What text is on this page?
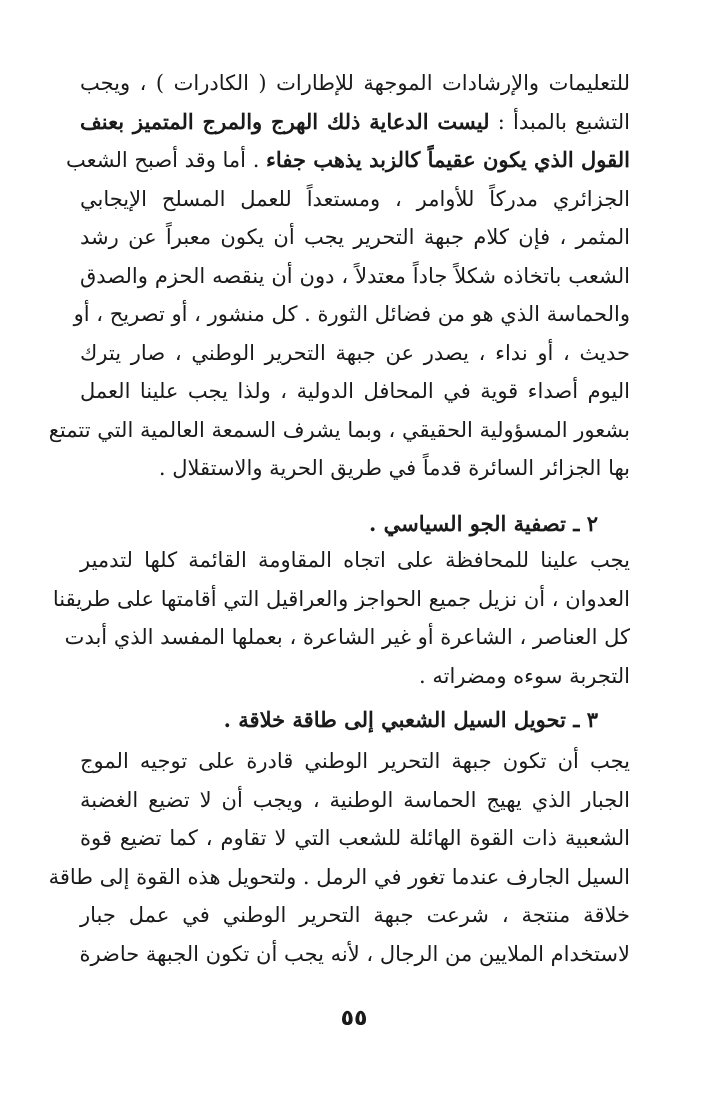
للتعليمات والإرشادات الموجهة للإطارات ( الكادرات ) ، ويجب
التشبع بالمبدأ : ليست الدعاية ذلك الهرج والمرج المتميز بعنف
القول الذي يكون عقيماً كالزبد يذهب جفاء . أما وقد أصبح الشعب
الجزائري مدركاً للأوامر ، ومستعداً للعمل المسلح الإيجابي
المثمر ، فإن كلام جبهة التحرير يجب أن يكون معبراً عن رشد
الشعب باتخاذه شكلاً جاداً معتدلاً ، دون أن ينقصه الحزم والصدق
والحماسة الذي هو من فضائل الثورة . كل منشور ، أو تصريح ، أو
حديث ، أو نداء ، يصدر عن جبهة التحرير الوطني ، صار يترك
اليوم أصداء قوية في المحافل الدولية ، ولذا يجب علينا العمل
بشعور المسؤولية الحقيقي ، وبما يشرف السمعة العالمية التي تتمتع
بها الجزائر السائرة قدماً في طريق الحرية والاستقلال .
٢ ـ تصفية الجو السياسي .
يجب علينا للمحافظة على اتجاه المقاومة القائمة كلها لتدمير
العدوان ، أن نزيل جميع الحواجز والعراقيل التي أقامتها على طريقنا
كل العناصر ، الشاعرة أو غير الشاعرة ، بعملها المفسد الذي أبدت
التجربة سوءه ومضراته .
٣ ـ تحويل السيل الشعبي إلى طاقة خلاقة .
يجب أن تكون جبهة التحرير الوطني قادرة على توجيه الموج
الجبار الذي يهيج الحماسة الوطنية ، ويجب أن لا تضيع الغضبة
الشعبية ذات القوة الهائلة للشعب التي لا تقاوم ، كما تضيع قوة
السيل الجارف عندما تغور في الرمل . ولتحويل هذه القوة إلى طاقة
خلاقة منتجة ، شرعت جبهة التحرير الوطني في عمل جبار
لاستخدام الملايين من الرجال ، لأنه يجب أن تكون الجبهة حاضرة
٥٥
